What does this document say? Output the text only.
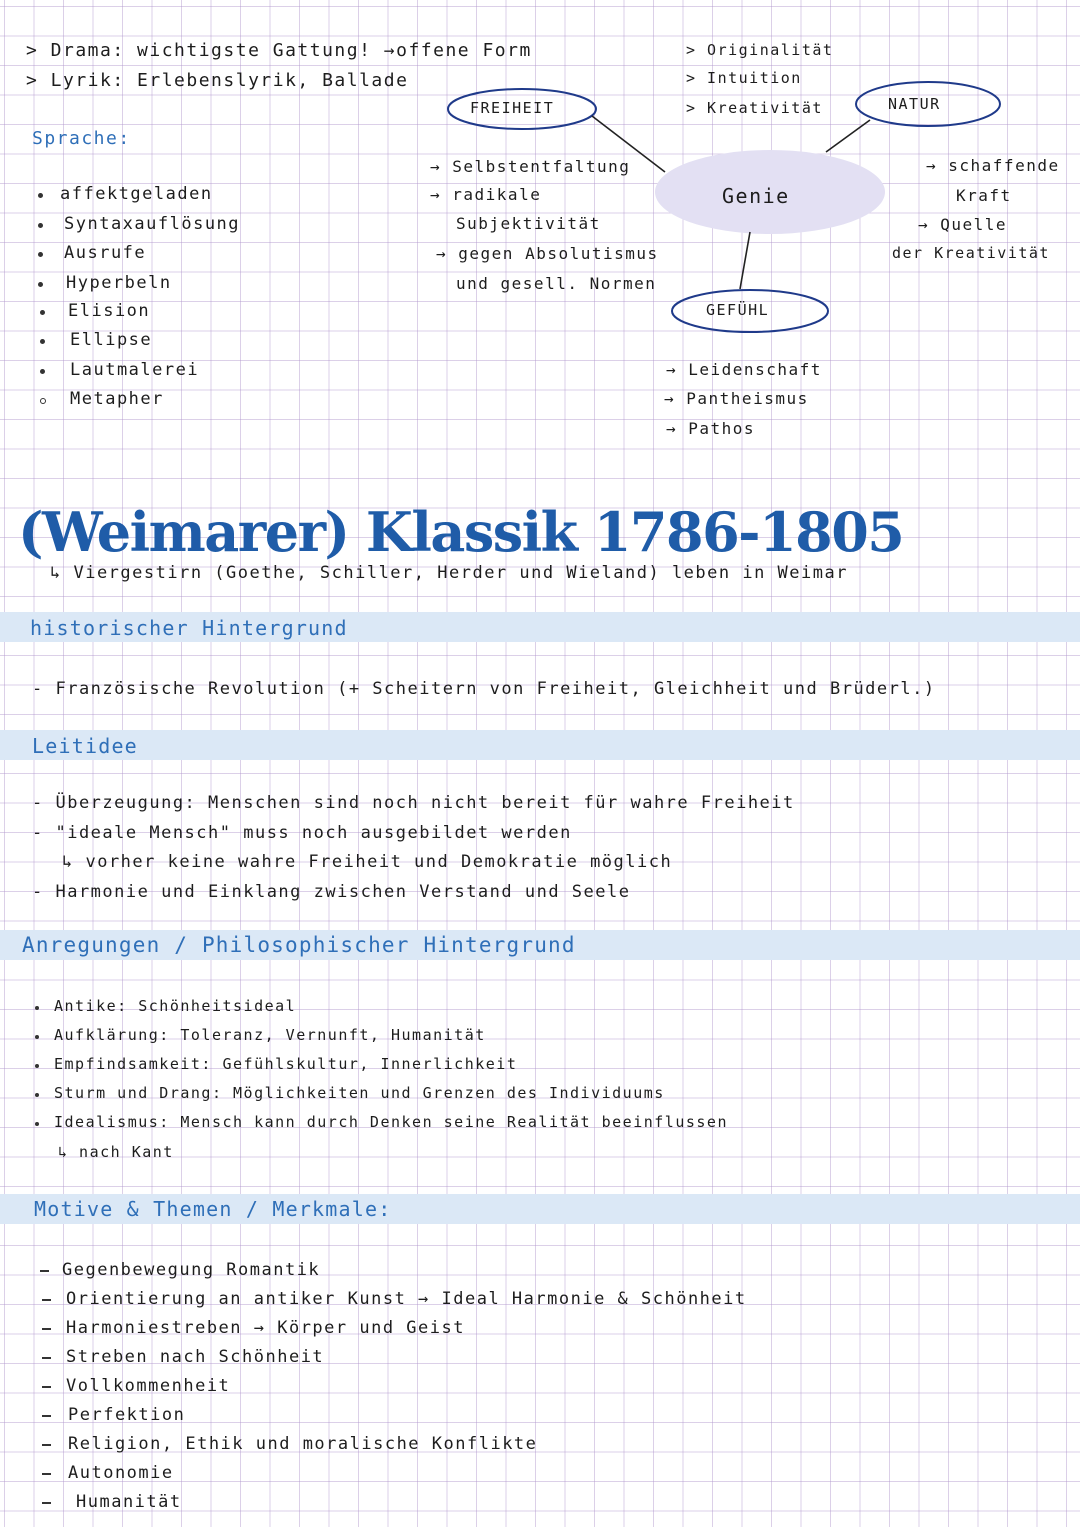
> Drama: wichtigste Gattung! →offene Form
> Lyrik: Erlebenslyrik, Ballade
Sprache:
affektgeladen
Syntaxauflösung
Ausrufe
Hyperbeln
Elision
Ellipse
Lautmalerei
Metapher
Genie
FREIHEIT	NATUR
GEFÜHL
→ Selbstentfaltung
→ radikale
Subjektivität
→ gegen Absolutismus
und gesell. Normen
> Originalität
> Intuition
> Kreativität
→ schaffende
Kraft
→ Quelle
der Kreativität
→ Leidenschaft
→ Pantheismus
→ Pathos
(Weimarer) Klassik 1786-1805
↳ Viergestirn (Goethe, Schiller, Herder und Wieland) leben in Weimar
historischer Hintergrund
- Französische Revolution (+ Scheitern von Freiheit, Gleichheit und Brüderl.)
Leitidee
- Überzeugung: Menschen sind noch nicht bereit für wahre Freiheit
- "ideale Mensch" muss noch ausgebildet werden
↳ vorher keine wahre Freiheit und Demokratie möglich
- Harmonie und Einklang zwischen Verstand und Seele
Anregungen / Philosophischer Hintergrund
Antike: Schönheitsideal
Aufklärung: Toleranz, Vernunft, Humanität
Empfindsamkeit: Gefühlskultur, Innerlichkeit
Sturm und Drang: Möglichkeiten und Grenzen des Individuums
Idealismus: Mensch kann durch Denken seine Realität beeinflussen
↳ nach Kant
Motive & Themen / Merkmale:
Gegenbewegung Romantik
Orientierung an antiker Kunst → Ideal Harmonie & Schönheit
Harmoniestreben → Körper und Geist
Streben nach Schönheit
Vollkommenheit
Perfektion
Religion, Ethik und moralische Konflikte
Autonomie
Humanität
